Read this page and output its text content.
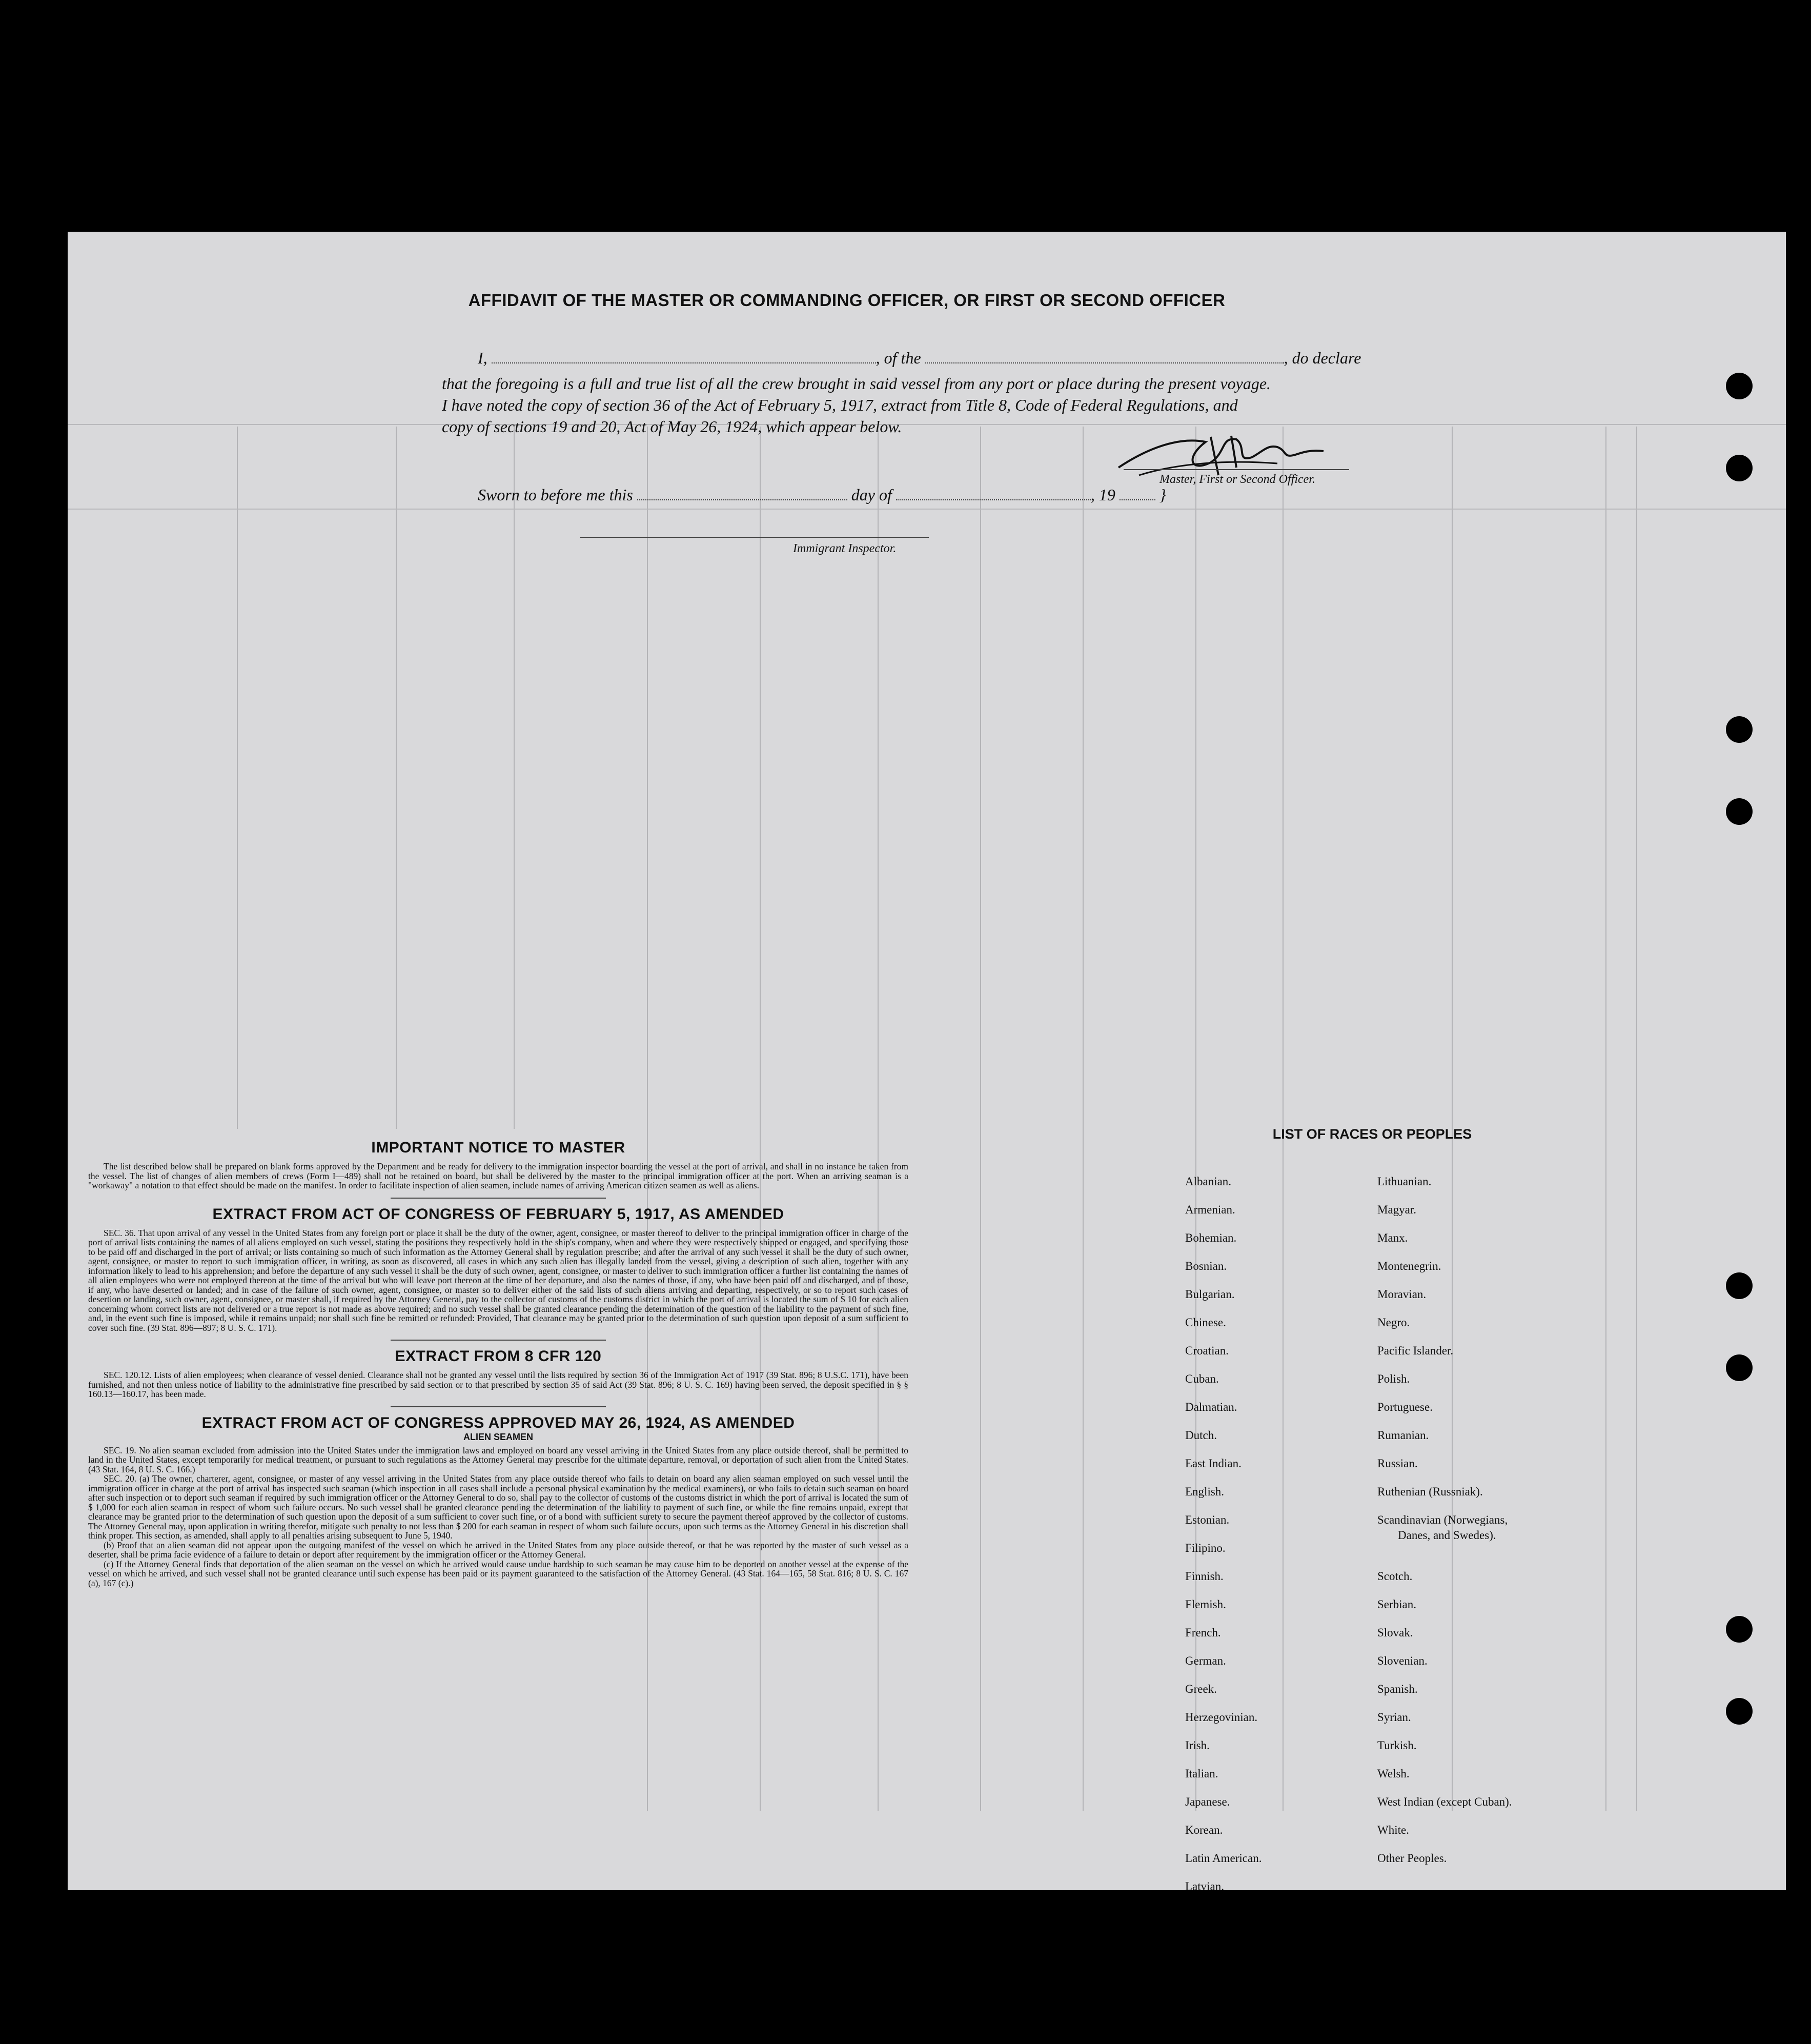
AFFIDAVIT OF THE MASTER OR COMMANDING OFFICER, OR FIRST OR SECOND OFFICER
I,	, of the	, do declare
that the foregoing is a full and true list of all the crew brought in said vessel from any port or place during the present voyage.
I have noted the copy of section 36 of the Act of February 5, 1917, extract from Title 8, Code of Federal Regulations, and
copy of sections 19 and 20, Act of May 26, 1924, which appear below.
Master, First or Second Officer.
Sworn to before me this	day of	, 19  }
Immigrant Inspector.
IMPORTANT NOTICE TO MASTER
The list described below shall be prepared on blank forms approved by the Department and be ready for delivery to the immigration inspector boarding the vessel at the port of arrival, and shall in no instance be taken from the vessel. The list of changes of alien members of crews (Form I—489) shall not be retained on board, but shall be delivered by the master to the principal immigration officer at the port. When an arriving seaman is a "workaway" a notation to that effect should be made on the manifest. In order to facilitate inspection of alien seamen, include names of arriving American citizen seamen as well as aliens.
EXTRACT FROM ACT OF CONGRESS OF FEBRUARY 5, 1917, AS AMENDED
SEC. 36. That upon arrival of any vessel in the United States from any foreign port or place it shall be the duty of the owner, agent, consignee, or master thereof to deliver to the principal immigration officer in charge of the port of arrival lists containing the names of all aliens employed on such vessel, stating the positions they respectively hold in the ship's company, when and where they were respectively shipped or engaged, and specifying those to be paid off and discharged in the port of arrival; or lists containing so much of such information as the Attorney General shall by regulation prescribe; and after the arrival of any such vessel it shall be the duty of such owner, agent, consignee, or master to report to such immigration officer, in writing, as soon as discovered, all cases in which any such alien has illegally landed from the vessel, giving a description of such alien, together with any information likely to lead to his apprehension; and before the departure of any such vessel it shall be the duty of such owner, agent, consignee, or master to deliver to such immigration officer a further list containing the names of all alien employees who were not employed thereon at the time of the arrival but who will leave port thereon at the time of her departure, and also the names of those, if any, who have been paid off and discharged, and of those, if any, who have deserted or landed; and in case of the failure of such owner, agent, consignee, or master so to deliver either of the said lists of such aliens arriving and departing, respectively, or so to report such cases of desertion or landing, such owner, agent, consignee, or master shall, if required by the Attorney General, pay to the collector of customs of the customs district in which the port of arrival is located the sum of $ 10 for each alien concerning whom correct lists are not delivered or a true report is not made as above required; and no such vessel shall be granted clearance pending the determination of the question of the liability to the payment of such fine, and, in the event such fine is imposed, while it remains unpaid; nor shall such fine be remitted or refunded: Provided, That clearance may be granted prior to the determination of such question upon deposit of a sum sufficient to cover such fine. (39 Stat. 896—897; 8 U. S. C. 171).
EXTRACT FROM 8 CFR 120
SEC. 120.12. Lists of alien employees; when clearance of vessel denied. Clearance shall not be granted any vessel until the lists required by section 36 of the Immigration Act of 1917 (39 Stat. 896; 8 U.S.C. 171), have been furnished, and not then unless notice of liability to the administrative fine prescribed by said section or to that prescribed by section 35 of said Act (39 Stat. 896; 8 U. S. C. 169) having been served, the deposit specified in § § 160.13—160.17, has been made.
EXTRACT FROM ACT OF CONGRESS APPROVED MAY 26, 1924, AS AMENDED
ALIEN SEAMEN
SEC. 19. No alien seaman excluded from admission into the United States under the immigration laws and employed on board any vessel arriving in the United States from any place outside thereof, shall be permitted to land in the United States, except temporarily for medical treatment, or pursuant to such regulations as the Attorney General may prescribe for the ultimate departure, removal, or deportation of such alien from the United States. (43 Stat. 164, 8 U. S. C. 166.)
SEC. 20. (a) The owner, charterer, agent, consignee, or master of any vessel arriving in the United States from any place outside thereof who fails to detain on board any alien seaman employed on such vessel until the immigration officer in charge at the port of arrival has inspected such seaman (which inspection in all cases shall include a personal physical examination by the medical examiners), or who fails to detain such seaman on board after such inspection or to deport such seaman if required by such immigration officer or the Attorney General to do so, shall pay to the collector of customs of the customs district in which the port of arrival is located the sum of $ 1,000 for each alien seaman in respect of whom such failure occurs. No such vessel shall be granted clearance pending the determination of the liability to payment of such fine, or while the fine remains unpaid, except that clearance may be granted prior to the determination of such question upon the deposit of a sum sufficient to cover such fine, or of a bond with sufficient surety to secure the payment thereof approved by the collector of customs. The Attorney General may, upon application in writing therefor, mitigate such penalty to not less than $ 200 for each seaman in respect of whom such failure occurs, upon such terms as the Attorney General in his discretion shall think proper. This section, as amended, shall apply to all penalties arising subsequent to June 5, 1940.
(b) Proof that an alien seaman did not appear upon the outgoing manifest of the vessel on which he arrived in the United States from any place outside thereof, or that he was reported by the master of such vessel as a deserter, shall be prima facie evidence of a failure to detain or deport after requirement by the immigration officer or the Attorney General.
(c) If the Attorney General finds that deportation of the alien seaman on the vessel on which he arrived would cause undue hardship to such seaman he may cause him to be deported on another vessel at the expense of the vessel on which he arrived, and such vessel shall not be granted clearance until such expense has been paid or its payment guaranteed to the satisfaction of the Attorney General. (43 Stat. 164—165, 58 Stat. 816; 8 U. S. C. 167 (a), 167 (c).)
LIST OF RACES OR PEOPLES
Albanian.
Armenian.
Bohemian.
Bosnian.
Bulgarian.
Chinese.
Croatian.
Cuban.
Dalmatian.
Dutch.
East Indian.
English.
Estonian.
Filipino.
Finnish.
Flemish.
French.
German.
Greek.
Herzegovinian.
Irish.
Italian.
Japanese.
Korean.
Latin American.
Latvian.
Lithuanian.
Magyar.
Manx.
Montenegrin.
Moravian.
Negro.
Pacific Islander.
Polish.
Portuguese.
Rumanian.
Russian.
Ruthenian (Russniak).
Scandinavian (Norwegians,
Danes, and Swedes).
Scotch.
Serbian.
Slovak.
Slovenian.
Spanish.
Syrian.
Turkish.
Welsh.
West Indian (except Cuban).
White.
Other Peoples.
